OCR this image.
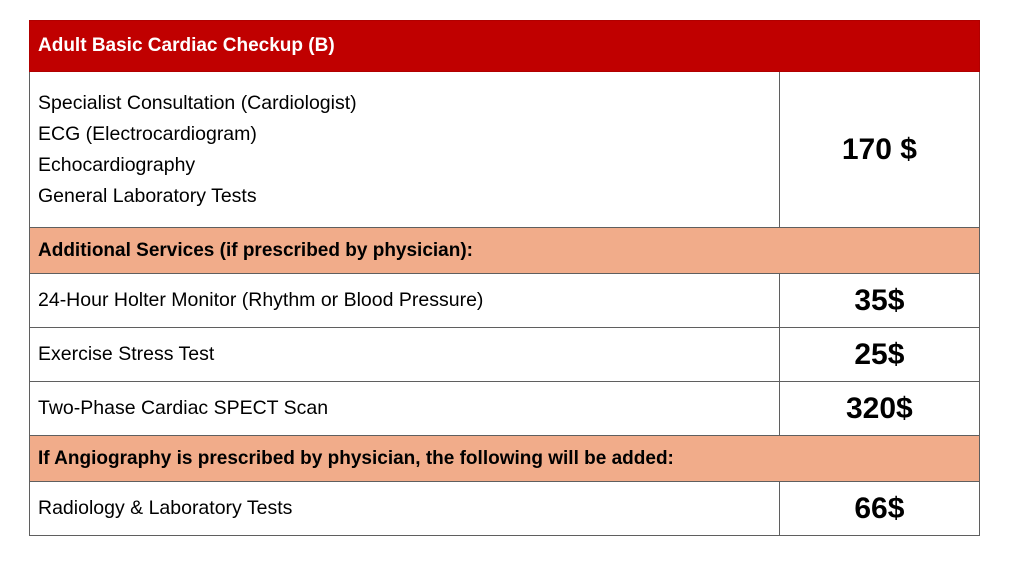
Adult Basic Cardiac Checkup (B)	

Specialist Consultation (Cardiologist)
ECG (Electrocardiogram)
Echocardiography
General Laboratory Tests	170 $
Additional Services (if prescribed by physician):	
24-Hour Holter Monitor (Rhythm or Blood Pressure)	35$
Exercise Stress Test	25$
Two-Phase Cardiac SPECT Scan	320$
If Angiography is prescribed by physician, the following will be added:	
Radiology & Laboratory Tests	66$
